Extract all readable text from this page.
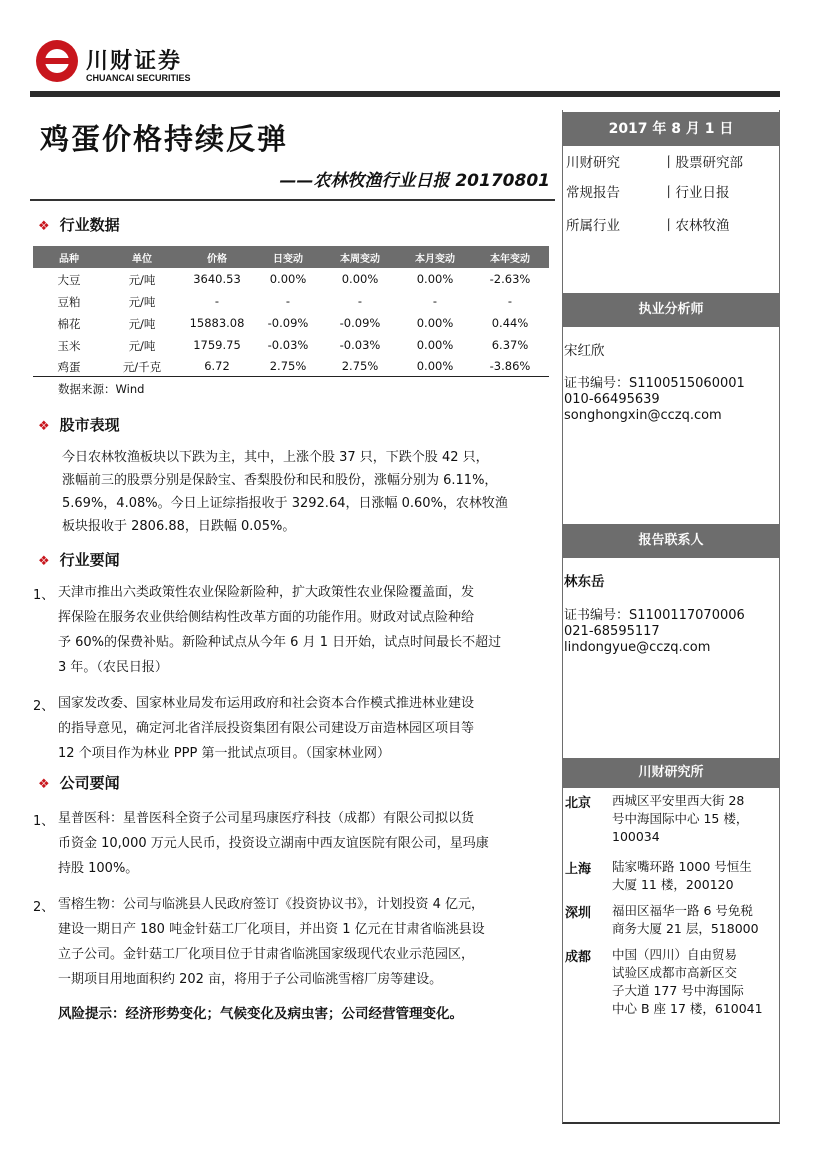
川财证券
CHUANCAI SECURITIES
鸡蛋价格持续反弹
——农林牧渔行业日报 20170801
❖ 行业数据
品种	单位	价格	日变动	本周变动	本月变动	本年变动
大豆	元/吨	3640.53	0.00%	0.00%	0.00%	-2.63%
豆粕	元/吨	-	-	-	-	-
棉花	元/吨	15883.08	-0.09%	-0.09%	0.00%	0.44%
玉米	元/吨	1759.75	-0.03%	-0.03%	0.00%	6.37%
鸡蛋	元/千克	6.72	2.75%	2.75%	0.00%	-3.86%
数据来源：Wind
❖ 股市表现
今日农林牧渔板块以下跌为主，其中，上涨个股 37 只，下跌个股 42 只，
涨幅前三的股票分别是保龄宝、香梨股份和民和股份，涨幅分别为 6.11%，
5.69%，4.08%。今日上证综指报收于 3292.64，日涨幅 0.60%，农林牧渔
板块报收于 2806.88，日跌幅 0.05%。
❖ 行业要闻
1、 天津市推出六类政策性农业保险新险种，扩大政策性农业保险覆盖面，发
挥保险在服务农业供给侧结构性改革方面的功能作用。财政对试点险种给
予 60%的保费补贴。新险种试点从今年 6 月 1 日开始，试点时间最长不超过
3 年。（农民日报）
2、 国家发改委、国家林业局发布运用政府和社会资本合作模式推进林业建设
的指导意见，确定河北省洋辰投资集团有限公司建设万亩造林园区项目等
12 个项目作为林业 PPP 第一批试点项目。（国家林业网）
❖ 公司要闻
1、 星普医科：星普医科全资子公司星玛康医疗科技（成都）有限公司拟以货
币资金 10,000 万元人民币，投资设立湖南中西友谊医院有限公司，星玛康
持股 100%。
2、 雪榕生物：公司与临洮县人民政府签订《投资协议书》，计划投资 4 亿元，
建设一期日产 180 吨金针菇工厂化项目，并出资 1 亿元在甘肃省临洮县设
立子公司。金针菇工厂化项目位于甘肃省临洮国家级现代农业示范园区，
一期项目用地面积约 202 亩，将用于子公司临洮雪榕厂房等建设。
风险提示：经济形势变化；气候变化及病虫害；公司经营管理变化。
2017 年 8 月 1 日
川财研究	丨股票研究部
常规报告	丨行业日报
所属行业	丨农林牧渔
执业分析师
宋红欣
证书编号：S1100515060001
010-66495639
songhongxin@cczq.com
报告联系人
林东岳
证书编号：S1100117070006
021-68595117
lindongyue@cczq.com
川财研究所
北京 西城区平安里西大街 28
号中海国际中心 15 楼，
100034
上海 陆家嘴环路 1000 号恒生
大厦 11 楼，200120
深圳 福田区福华一路 6 号免税
商务大厦 21 层，518000
成都 中国（四川）自由贸易
试验区成都市高新区交
子大道 177 号中海国际
中心 B 座 17 楼，610041
